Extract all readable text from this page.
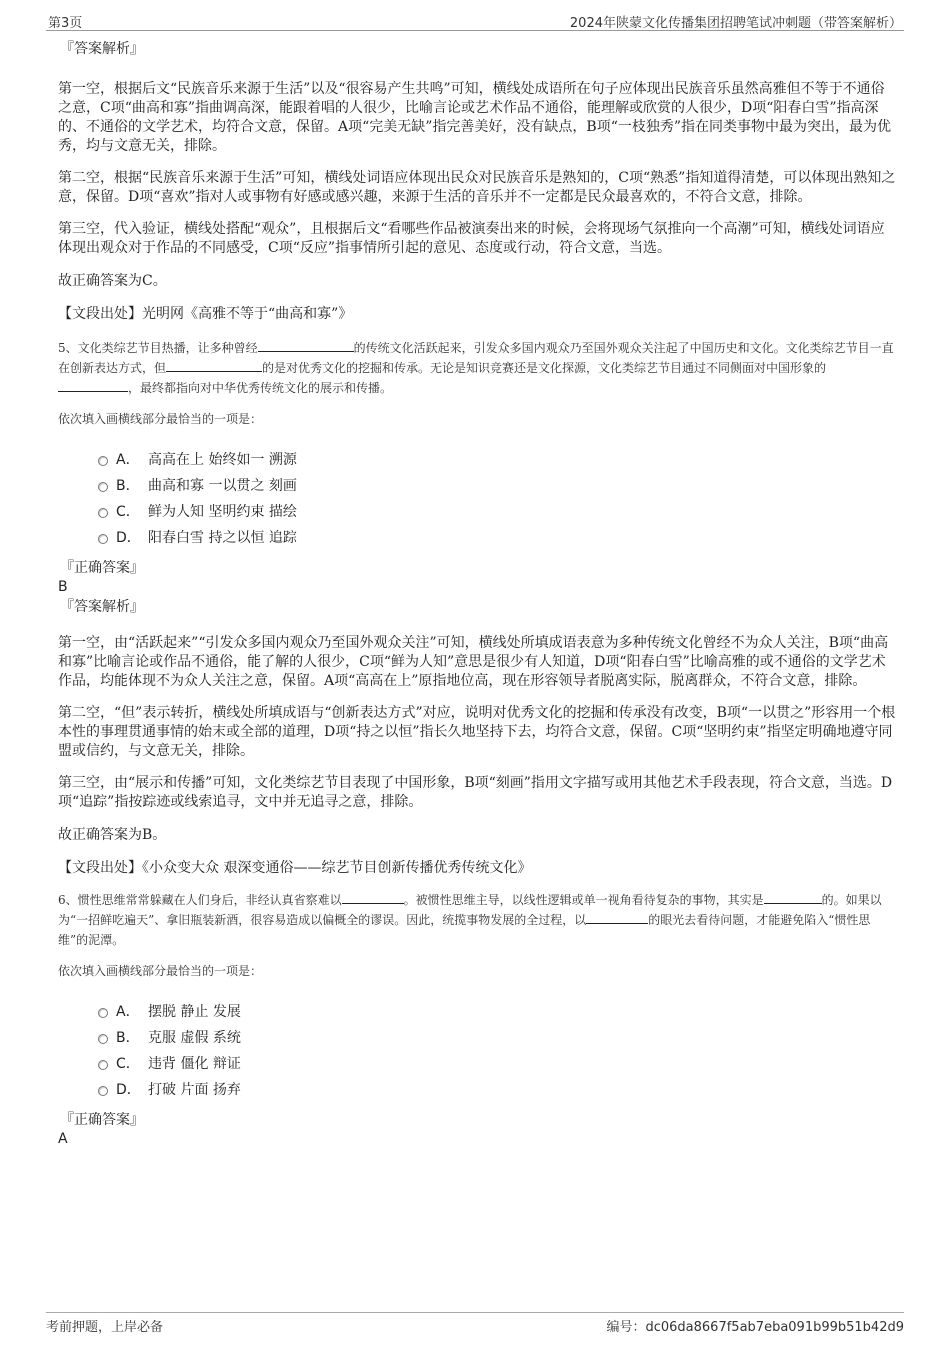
第3页	2024年陕蒙文化传播集团招聘笔试冲刺题（带答案解析）
『答案解析』

第一空，根据后文“民族音乐来源于生活”以及“很容易产生共鸣”可知，横线处成语所在句子应体现出民族音乐虽然高雅但不等于不通俗之意，C项“曲高和寡”指曲调高深，能跟着唱的人很少，比喻言论或艺术作品不通俗，能理解或欣赏的人很少，D项“阳春白雪”指高深的、不通俗的文学艺术，均符合文意，保留。A项“完美无缺”指完善美好，没有缺点，B项“一枝独秀”指在同类事物中最为突出，最为优秀，均与文意无关，排除。

第二空，根据“民族音乐来源于生活”可知，横线处词语应体现出民众对民族音乐是熟知的，C项“熟悉”指知道得清楚，可以体现出熟知之意，保留。D项“喜欢”指对人或事物有好感或感兴趣，来源于生活的音乐并不一定都是民众最喜欢的，不符合文意，排除。

第三空，代入验证，横线处搭配“观众”，且根据后文“看哪些作品被演奏出来的时候，会将现场气氛推向一个高潮”可知，横线处词语应体现出观众对于作品的不同感受，C项“反应”指事情所引起的意见、态度或行动，符合文意，当选。

故正确答案为C。

【文段出处】光明网《高雅不等于“曲高和寡”》

5、文化类综艺节目热播，让多种曾经	的传统文化活跃起来，引发众多国内观众乃至国外观众关注起了中国历史和文化。文化类综艺节目一直在创新表达方式，但	的是对优秀文化的挖掘和传承。无论是知识竞赛还是文化探源，文化类综艺节目通过不同侧面对中国形象的，最终都指向对中华优秀传统文化的展示和传播。

依次填入画横线部分最恰当的一项是：

A． 高高在上 始终如一 溯源
B． 曲高和寡 一以贯之 刻画
C． 鲜为人知 坚明约束 描绘
D． 阳春白雪 持之以恒 追踪
『正确答案』
B
『答案解析』

第一空，由“活跃起来”“引发众多国内观众乃至国外观众关注”可知，横线处所填成语表意为多种传统文化曾经不为众人关注，B项“曲高和寡”比喻言论或作品不通俗，能了解的人很少，C项“鲜为人知”意思是很少有人知道，D项“阳春白雪”比喻高雅的或不通俗的文学艺术作品，均能体现不为众人关注之意，保留。A项“高高在上”原指地位高，现在形容领导者脱离实际，脱离群众，不符合文意，排除。

第二空，“但”表示转折，横线处所填成语与“创新表达方式”对应，说明对优秀文化的挖掘和传承没有改变，B项“一以贯之”形容用一个根本性的事理贯通事情的始末或全部的道理，D项“持之以恒”指长久地坚持下去，均符合文意，保留。C项“坚明约束”指坚定明确地遵守同盟或信约，与文意无关，排除。

第三空，由“展示和传播”可知，文化类综艺节目表现了中国形象，B项“刻画”指用文字描写或用其他艺术手段表现，符合文意，当选。D项“追踪”指按踪迹或线索追寻，文中并无追寻之意，排除。

故正确答案为B。

【文段出处】《小众变大众 艰深变通俗——综艺节目创新传播优秀传统文化》

6、惯性思维常常躲藏在人们身后，非经认真省察难以	。被惯性思维主导，以线性逻辑或单一视角看待复杂的事物，其实是	的。如果以为“一招鲜吃遍天”、拿旧瓶装新酒，很容易造成以偏概全的谬误。因此，统揽事物发展的全过程，以	的眼光去看待问题，才能避免陷入“惯性思维”的泥潭。

依次填入画横线部分最恰当的一项是：

A． 摆脱 静止 发展
B． 克服 虚假 系统
C． 违背 僵化 辩证
D． 打破 片面 扬弃
『正确答案』
A
考前押题，上岸必备	编号：dc06da8667f5ab7eba091b99b51b42d9
